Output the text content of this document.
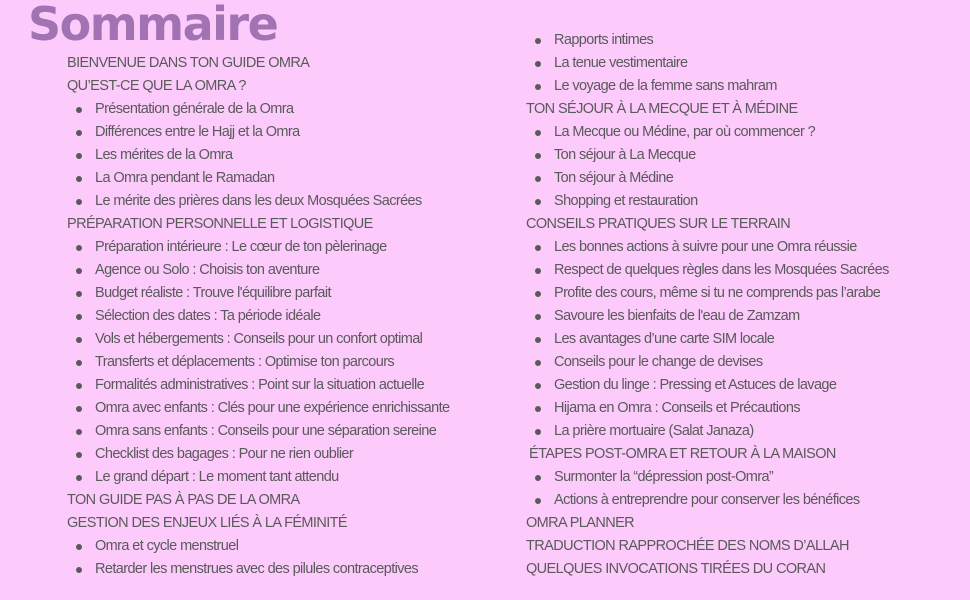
Sommaire
BIENVENUE DANS TON GUIDE OMRA
QU’EST-CE QUE LA OMRA ?
Présentation générale de la Omra
Différences entre le Hajj et la Omra
Les mérites de la Omra
La Omra pendant le Ramadan
Le mérite des prières dans les deux Mosquées Sacrées
PRÉPARATION PERSONNELLE ET LOGISTIQUE
Préparation intérieure : Le cœur de ton pèlerinage
Agence ou Solo : Choisis ton aventure
Budget réaliste : Trouve l'équilibre parfait
Sélection des dates : Ta période idéale
Vols et hébergements : Conseils pour un confort optimal
Transferts et déplacements : Optimise ton parcours
Formalités administratives : Point sur la situation actuelle
Omra avec enfants : Clés pour une expérience enrichissante
Omra sans enfants : Conseils pour une séparation sereine
Checklist des bagages : Pour ne rien oublier
Le grand départ : Le moment tant attendu
TON GUIDE PAS À PAS DE LA OMRA
GESTION DES ENJEUX LIÉS À LA FÉMINITÉ
Omra et cycle menstruel
Retarder les menstrues avec des pilules contraceptives
Rapports intimes
La tenue vestimentaire
Le voyage de la femme sans mahram
TON SÉJOUR À LA MECQUE ET À MÉDINE
La Mecque ou Médine, par où commencer ?
Ton séjour à La Mecque
Ton séjour à Médine
Shopping et restauration
CONSEILS PRATIQUES SUR LE TERRAIN
Les bonnes actions à suivre pour une Omra réussie
Respect de quelques règles dans les Mosquées Sacrées
Profite des cours, même si tu ne comprends pas l’arabe
Savoure les bienfaits de l'eau de Zamzam
Les avantages d’une carte SIM locale
Conseils pour le change de devises
Gestion du linge : Pressing et Astuces de lavage
Hijama en Omra : Conseils et Précautions
La prière mortuaire (Salat Janaza)
ÉTAPES POST-OMRA ET RETOUR À LA MAISON
Surmonter la “dépression post-Omra”
Actions à entreprendre pour conserver les bénéfices
OMRA PLANNER
TRADUCTION RAPPROCHÉE DES NOMS D’ALLAH
QUELQUES INVOCATIONS TIRÉES DU CORAN
